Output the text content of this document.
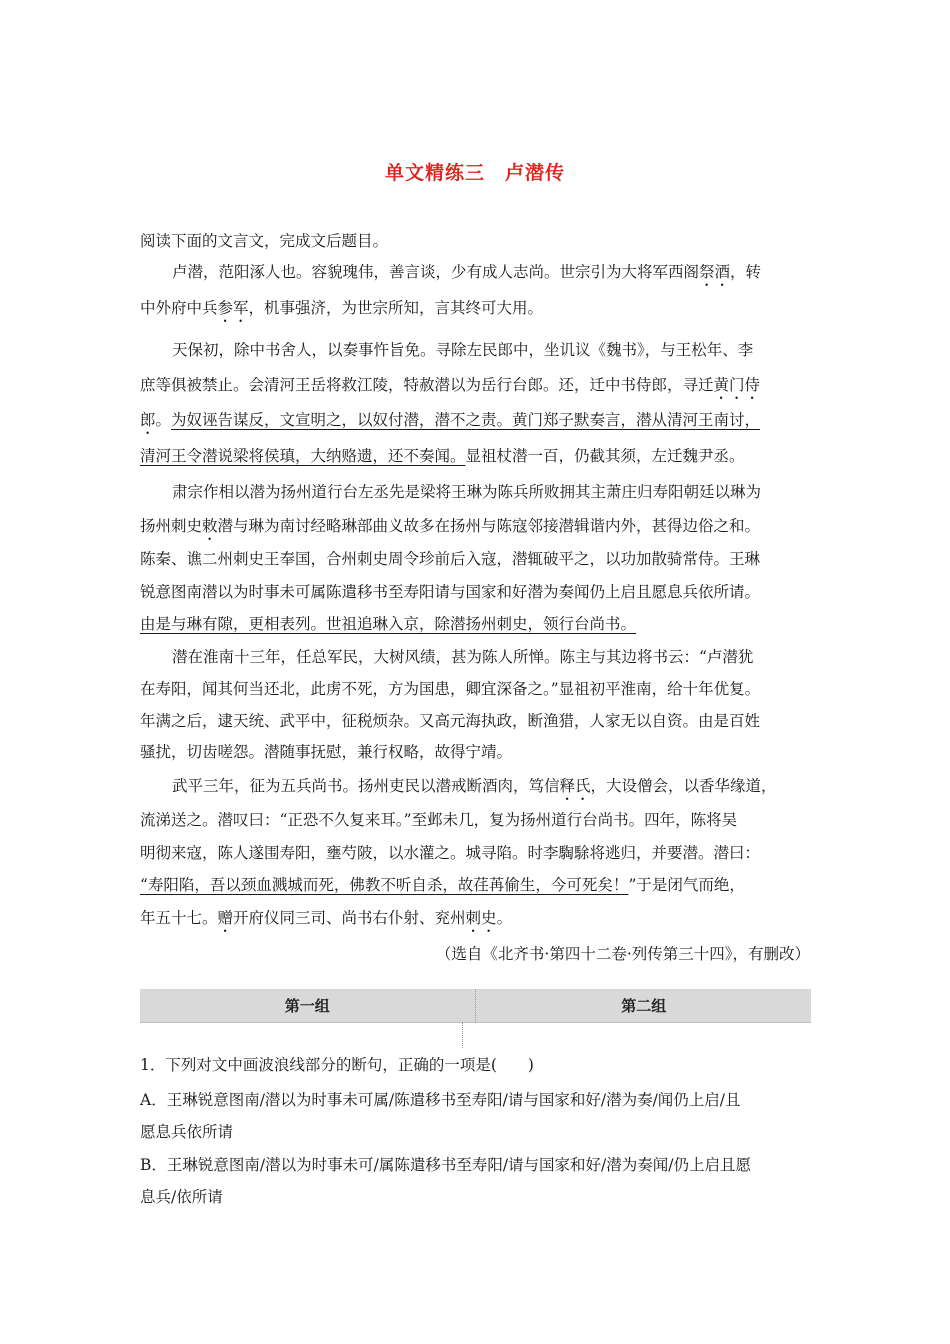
单文精练三　卢潜传
阅读下面的文言文，完成文后题目。
卢潜，范阳涿人也。容貌瑰伟，善言谈，少有成人志尚。世宗引为大将军西阁祭酒，转
中外府中兵参军，机事强济，为世宗所知，言其终可大用。
天保初，除中书舍人，以奏事忤旨免。寻除左民郎中，坐讥议《魏书》，与王松年、李
庶等俱被禁止。会清河王岳将救江陵，特赦潜以为岳行台郎。还，迁中书侍郎，寻迁黄门侍
郎。为奴诬告谋反，文宣明之，以奴付潜，潜不之责。黄门郑子默奏言，潜从清河王南讨，
清河王令潜说梁将侯瑱，大纳赂遗，还不奏闻。显祖杖潜一百，仍截其须，左迁魏尹丞。
肃宗作相以潜为扬州道行台左丞先是梁将王琳为陈兵所败拥其主萧庄归寿阳朝廷以琳为
扬州刺史敕潜与琳为南讨经略琳部曲义故多在扬州与陈寇邻接潜辑谐内外，甚得边俗之和。
陈秦、谯二州刺史王奉国，合州刺史周令珍前后入寇，潜辄破平之，以功加散骑常侍。王琳
锐意图南潜以为时事未可属陈遣移书至寿阳请与国家和好潜为奏闻仍上启且愿息兵依所请。
由是与琳有隙，更相表列。世祖追琳入京，除潜扬州刺史，领行台尚书。
潜在淮南十三年，任总军民，大树风绩，甚为陈人所惮。陈主与其边将书云：“卢潜犹
在寿阳，闻其何当还北，此虏不死，方为国患，卿宜深备之。”显祖初平淮南，给十年优复。
年满之后，逮天统、武平中，征税烦杂。又高元海执政，断渔猎，人家无以自资。由是百姓
骚扰，切齿嗟怨。潜随事抚慰，兼行权略，故得宁靖。
武平三年，征为五兵尚书。扬州吏民以潜戒断酒肉，笃信释氏，大设僧会，以香华缘道，
流涕送之。潜叹曰：“正恐不久复来耳。”至邺未几，复为扬州道行台尚书。四年，陈将吴
明彻来寇，陈人遂围寿阳，壅芍陂，以水灌之。城寻陷。时李騊駼将逃归，并要潜。潜曰：
“寿阳陷，吾以颈血溅城而死，佛教不听自杀，故荏苒偷生，今可死矣！”于是闭气而绝，
年五十七。赠开府仪同三司、尚书右仆射、兖州刺史。
（选自《北齐书·第四十二卷·列传第三十四》，有删改）
第一组	第二组
1．下列对文中画波浪线部分的断句，正确的一项是(　　)
A．王琳锐意图南/潜以为时事未可属/陈遣移书至寿阳/请与国家和好/潜为奏/闻仍上启/且
愿息兵依所请
B．王琳锐意图南/潜以为时事未可/属陈遣移书至寿阳/请与国家和好/潜为奏闻/仍上启且愿
息兵/依所请
